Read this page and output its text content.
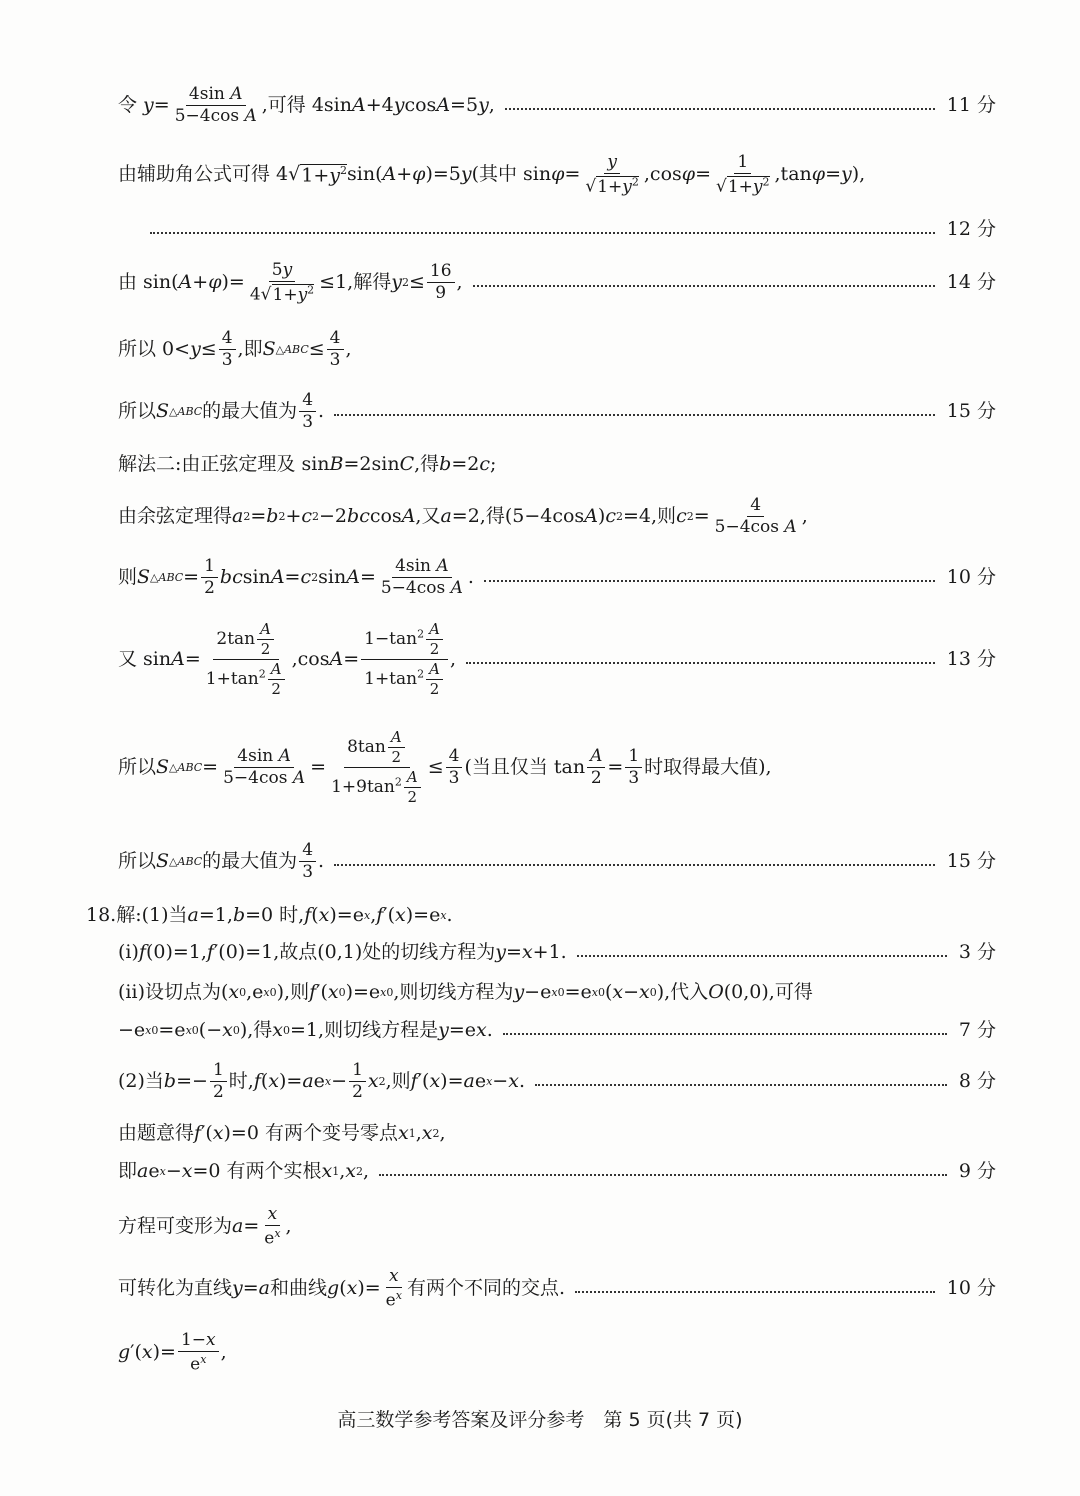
令 y = 4sin A
5−4cos A ,可得 4sin A +4 y cos A =5 y ,	11 分
由辅助角公式可得 4 √ $1+y^2$ sin( A + φ )=5 y (其中 sin φ =
y
$√1+y^2$ ,cos φ =
1
$√1+y^2$ ,tan φ = y ),
12 分
由 sin( A + φ )=
5y
$4√1+y^2 \le 1$,解得 y 2 ≤ 16
9 ,	14 分
所以 0< y ≤ 4
3 ,即 S △ABC ≤ 4
3 ,
所以 S △ABC 的最大值为 4
3 .	15 分
解法二:由正弦定理及 sin B =2sin C ,得 b =2 c ;
由余弦定理得 a 2 = b 2 + c 2 −2 bc cos A ,又 a =2,得(5−4cos A ) c 2 =4,则 c 2 = 4
5−4cos A ,
则 S △ABC = 1
2 bc sin A = c 2 sin A = 4sin A
5−4cos A .	10 分
又 sin A =
$2\tan \frac{A}{2}$
$1+\tan^2 \frac{A}{2}$
,cos A =
$1-\tan^2 \frac{A}{2}$
$1+\tan^2 \frac{A}{2}$
,	13 分
所以 S △ABC = 4sin A
5−4cos A =
$8\tan \frac{A}{2}$
$1+9\tan^2 \frac{A}{2}$
≤ 4
3 (当且仅当 tan A
2 = 1
3 时取得最大值),
所以 S △ABC 的最大值为 4
3 .	15 分
18.解:(1)当 a =1, b =0 时, f ( x )=e x , f ′( x )=e x .
(ⅰ) f (0)=1, f ′(0)=1,故点(0,1)处的切线方程为 y = x +1.	3 分
(ⅱ)设切点为( x 0 ,e x0 ),则 f ′( x 0 )=e x0 ,则切线方程为 y −e x0 =e x0 ( x − x 0 ),代入 O (0,0),可得
−e x0 =e x0 (− x 0 ),得 x 0 =1,则切线方程是 y =e x .	7 分
(2)当 b =− 1
2 时, f ( x )= a e x − 1
2 x 2 ,则 f ′( x )= a e x − x .	8 分
由题意得 f ′( x )=0 有两个变号零点 x 1 , x 2 ,
即 a e x − x =0 有两个实根 x 1 , x 2 ,	9 分
方程可变形为 a =
x
$e^x$ ,
可转化为直线 y = a 和曲线 g ( x )=
x
$e^x$ 有两个不同的交点.	10 分
g ′( x )=
1−x
$e^x$ ,
高三数学参考答案及评分参考　第 5 页(共 7 页)
